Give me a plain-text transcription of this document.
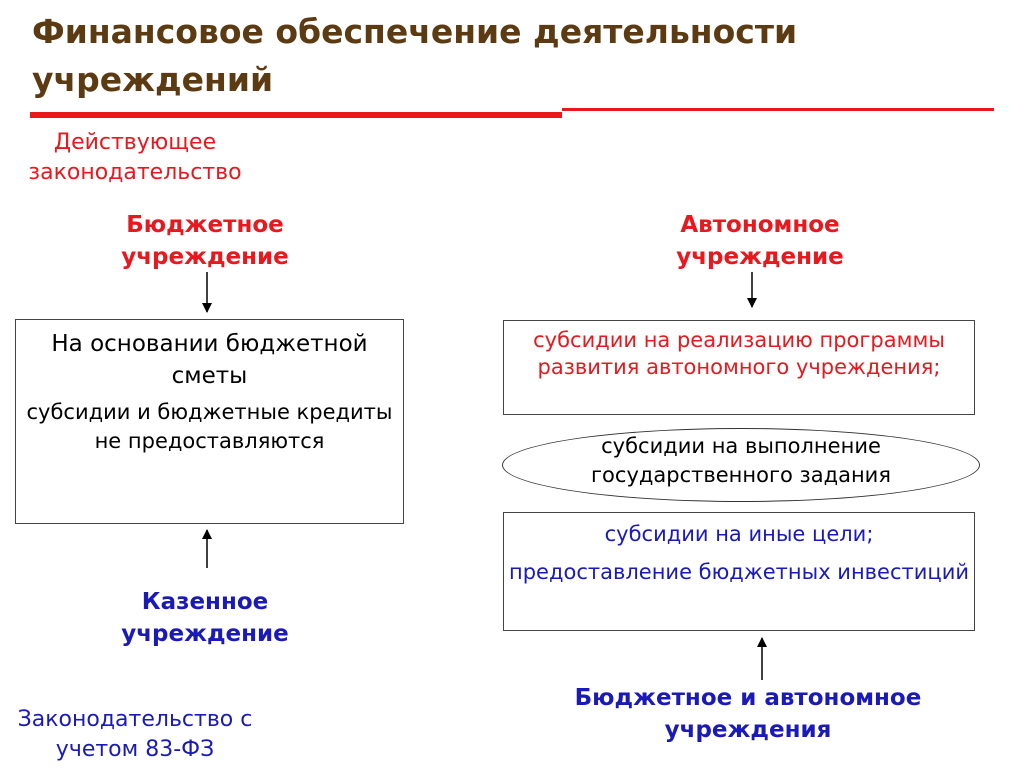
Финансовое обеспечение деятельности учреждений
Действующее законодательство
Бюджетное учреждение
Автономное учреждение
На основании бюджетной сметы
субсидии и бюджетные кредиты не предоставляются
субсидии на реализацию программы развития автономного учреждения;
субсидии на выполнение государственного задания

субсидии на иные цели;

предоставление бюджетных инвестиций

Казенное учреждение
Бюджетное и автономное учреждения
Законодательство с учетом 83-ФЗ
